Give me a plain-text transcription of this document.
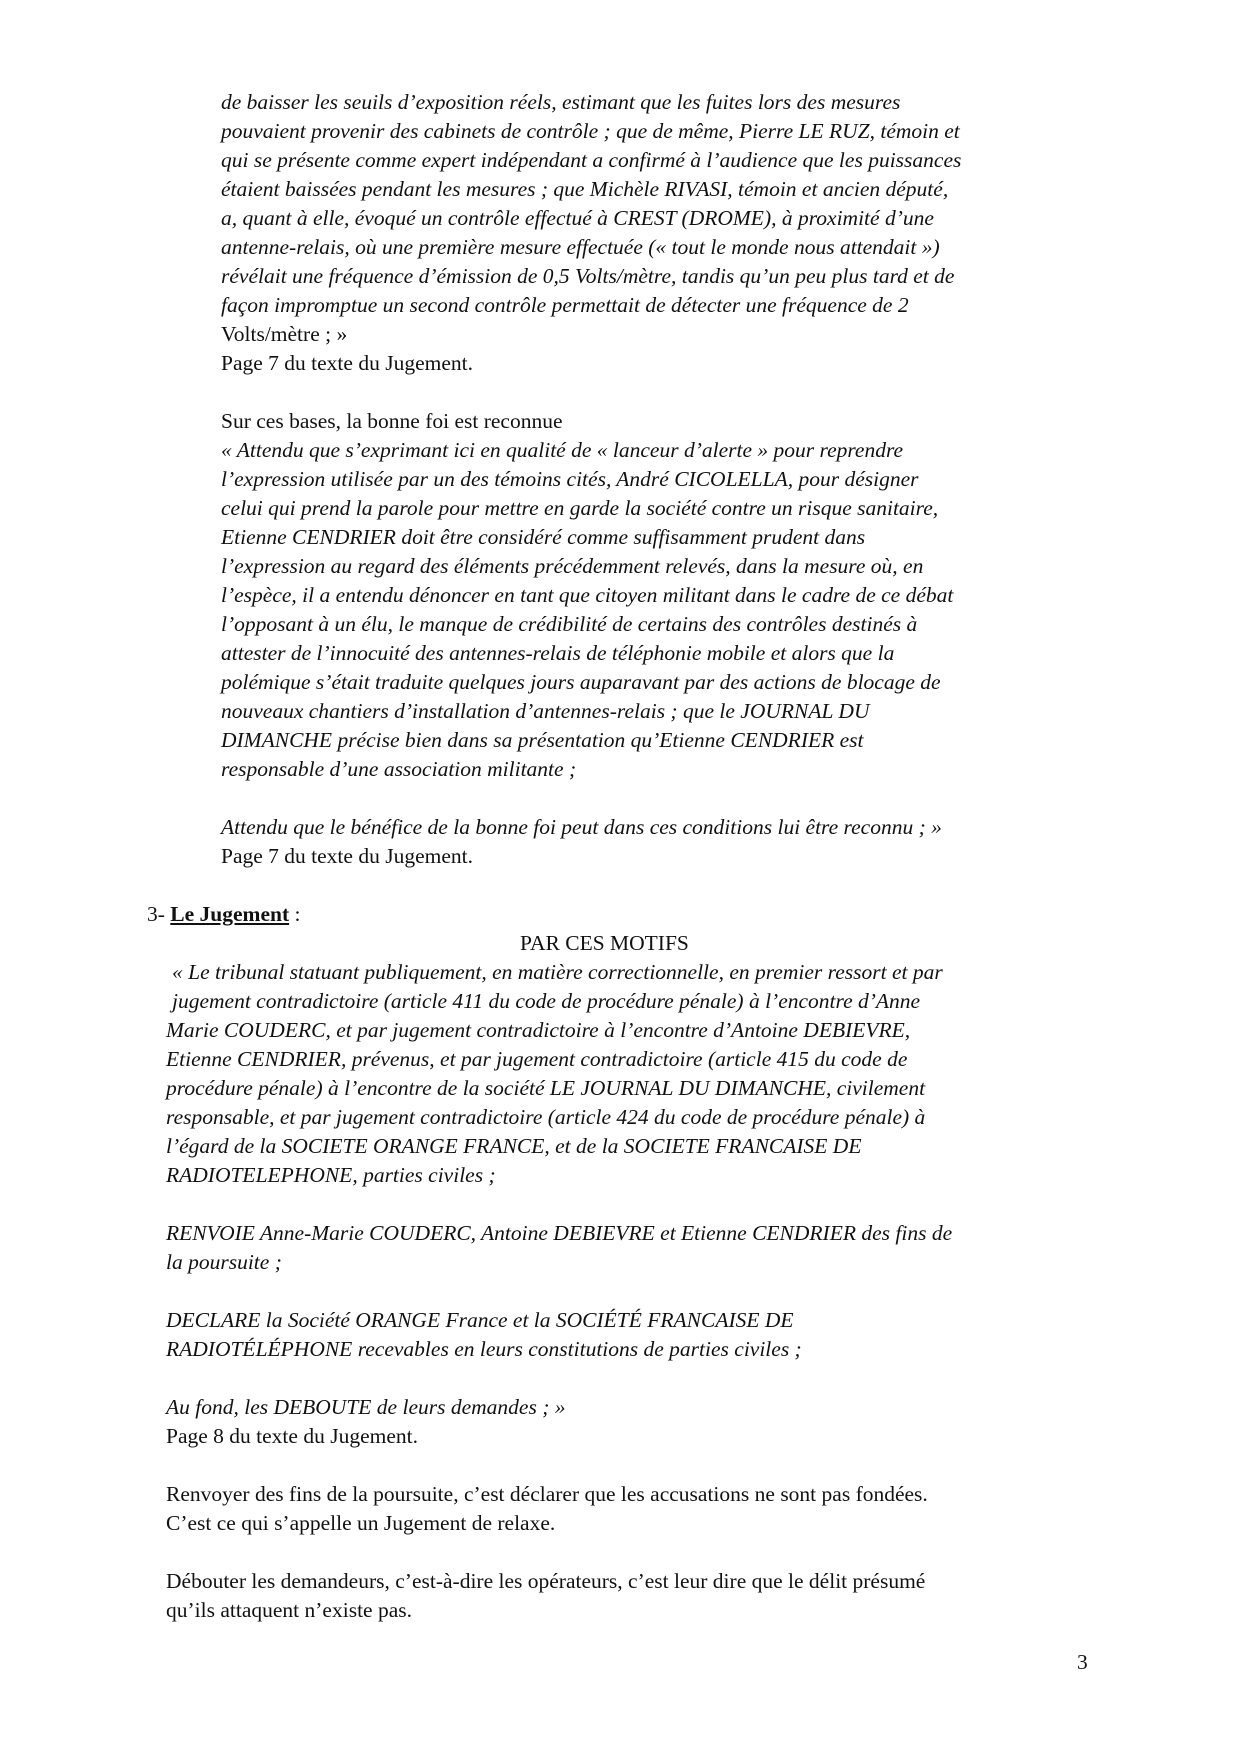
de baisser les seuils d’exposition réels, estimant que les fuites lors des mesures
pouvaient provenir des cabinets de contrôle ; que de même, Pierre LE RUZ, témoin et
qui se présente comme expert indépendant a confirmé à l’audience que les puissances
étaient baissées pendant les mesures ; que Michèle RIVASI, témoin et ancien député,
a, quant à elle, évoqué un contrôle effectué à CREST (DROME), à proximité d’une
antenne-relais, où une première mesure effectuée (« tout le monde nous attendait »)
révélait une fréquence d’émission de 0,5 Volts/mètre, tandis qu’un peu plus tard et de
façon impromptue un second contrôle permettait de détecter une fréquence de 2
Volts/mètre ; »
Page 7 du texte du Jugement.
Sur ces bases, la bonne foi est reconnue
« Attendu que s’exprimant ici en qualité de « lanceur d’alerte » pour reprendre
l’expression utilisée par un des témoins cités, André CICOLELLA, pour désigner
celui qui prend la parole pour mettre en garde la société contre un risque sanitaire,
Etienne CENDRIER doit être considéré comme suffisamment prudent dans
l’expression au regard des éléments précédemment relevés, dans la mesure où, en
l’espèce, il a entendu dénoncer en tant que citoyen militant dans le cadre de ce débat
l’opposant à un élu, le manque de crédibilité de certains des contrôles destinés à
attester de l’innocuité des antennes-relais de téléphonie mobile et alors que la
polémique s’était traduite quelques jours auparavant par des actions de blocage de
nouveaux chantiers d’installation d’antennes-relais ; que le JOURNAL DU
DIMANCHE précise bien dans sa présentation qu’Etienne CENDRIER est
responsable d’une association militante ;
Attendu que le bénéfice de la bonne foi peut dans ces conditions lui être reconnu ; »
Page 7 du texte du Jugement.
3- Le Jugement :
PAR CES MOTIFS
« Le tribunal statuant publiquement, en matière correctionnelle, en premier ressort et par
jugement contradictoire (article 411 du code de procédure pénale) à l’encontre d’Anne
Marie COUDERC, et par jugement contradictoire à l’encontre d’Antoine DEBIEVRE,
Etienne CENDRIER, prévenus, et par jugement contradictoire (article 415 du code de
procédure pénale) à l’encontre de la société LE JOURNAL DU DIMANCHE, civilement
responsable, et par jugement contradictoire (article 424 du code de procédure pénale) à
l’égard de la SOCIETE ORANGE FRANCE, et de la SOCIETE FRANCAISE DE
RADIOTELEPHONE, parties civiles ;
RENVOIE Anne-Marie COUDERC, Antoine DEBIEVRE et Etienne CENDRIER des fins de
la poursuite ;
DECLARE la Société ORANGE France et la SOCIÉTÉ FRANCAISE DE
RADIOTÉLÉPHONE recevables en leurs constitutions de parties civiles ;
Au fond, les DEBOUTE de leurs demandes ; »
Page 8 du texte du Jugement.
Renvoyer des fins de la poursuite, c’est déclarer que les accusations ne sont pas fondées.
C’est ce qui s’appelle un Jugement de relaxe.
Débouter les demandeurs, c’est-à-dire les opérateurs, c’est leur dire que le délit présumé
qu’ils attaquent n’existe pas.
3
